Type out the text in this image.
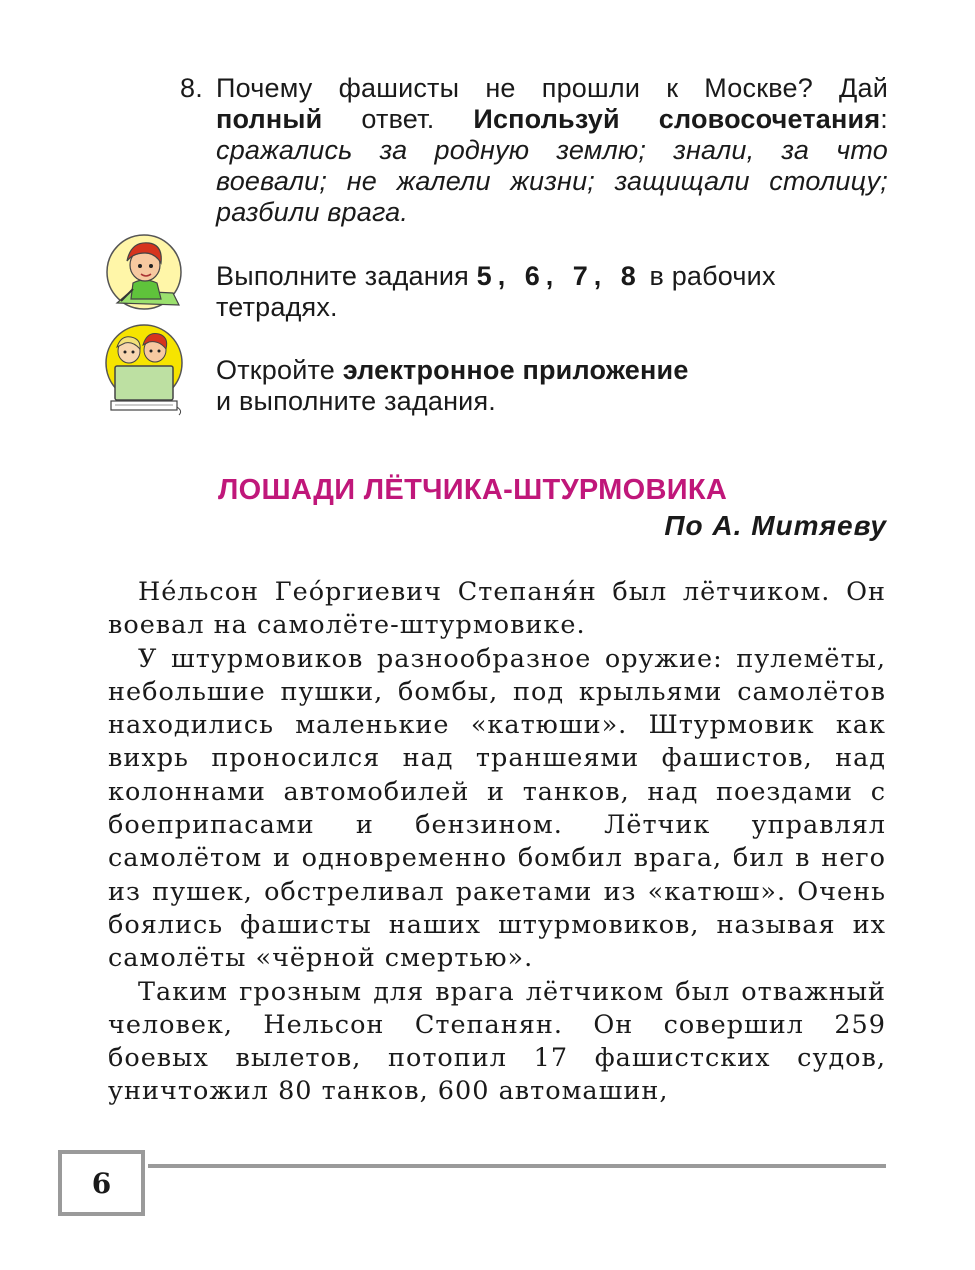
8. Почему фашисты не прошли к Москве? Дай полный ответ. Используй словосочетания: сражались за родную землю; знали, за что воевали; не жалели жизни; защищали столицу; разбили врага.
Выполните задания 5, 6, 7, 8 в рабочих тетрадях.
Откройте электронное приложение
и выполните задания.
ЛОШАДИ ЛЁТЧИКА-ШТУРМОВИКА
По А. Митяеву

Не́льсон Гео́ргиевич Степаня́н был лётчиком. Он воевал на самолёте-штурмовике.

У штурмовиков разнообразное оружие: пулемёты, небольшие пушки, бомбы, под крыльями самолётов находились маленькие «катюши». Штурмовик как вихрь проносился над траншеями фашистов, над колоннами автомобилей и танков, над поездами с боеприпасами и бензином. Лётчик управлял самолётом и одновременно бомбил врага, бил в него из пушек, обстреливал ракетами из «катюш». Очень боялись фашисты наших штурмовиков, называя их самолёты «чёрной смертью».

Таким грозным для врага лётчиком был отважный человек, Нельсон Степанян. Он совершил 259 боевых вылетов, потопил 17 фашистских судов, уничтожил 80 танков, 600 автомашин,

6
